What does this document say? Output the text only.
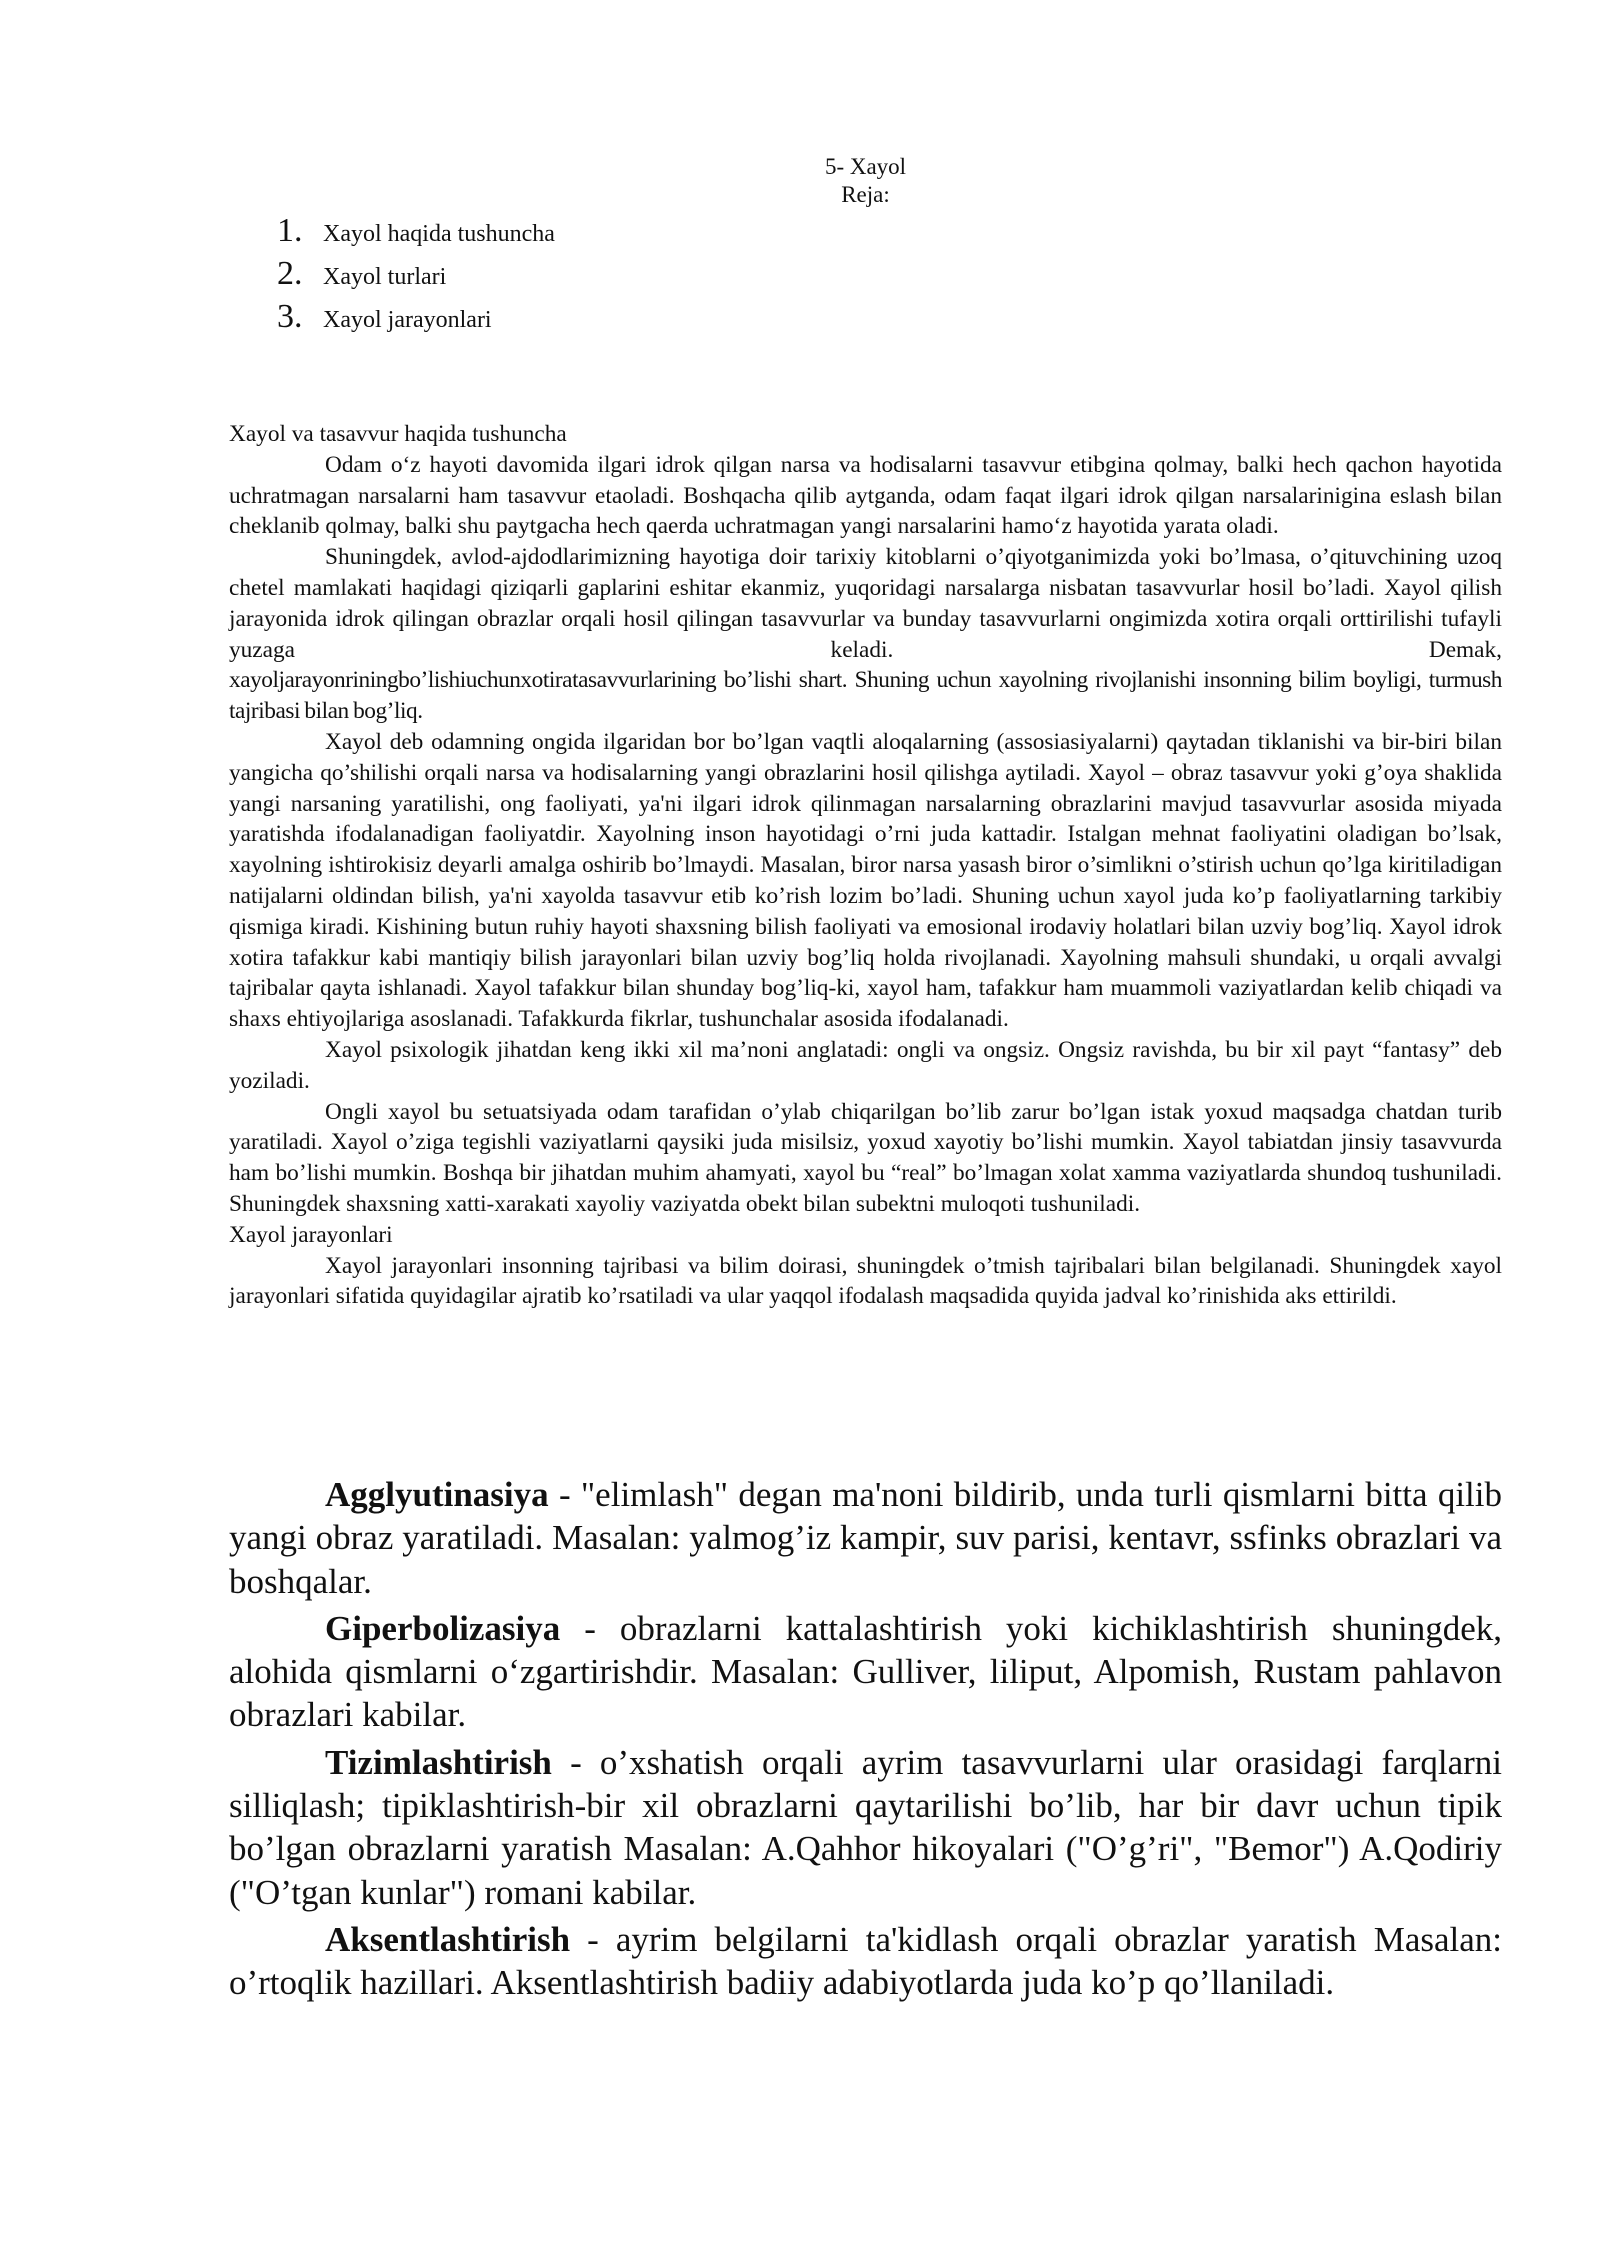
5- Xayol
Reja:
1. Xayol haqida tushuncha
2. Xayol turlari
3. Xayol jarayonlari

Xayol va tasavvur haqida tushuncha

Odam o‘z hayoti davomida ilgari idrok qilgan narsa va hodisalarni tasavvur etibgina qolmay, balki hech qachon hayotida uchratmagan narsalarni ham tasavvur etaoladi. Boshqacha qilib aytganda, odam faqat ilgari idrok qilgan narsalarinigina eslash bilan cheklanib qolmay, balki shu paytgacha hech qaerda uchratmagan yangi narsalarini hamo‘z hayotida yarata oladi.

Shuningdek, avlod-ajdodlarimizning hayotiga doir tarixiy kitoblarni o’qiyotganimizda yoki bo’lmasa, o’qituvchining uzoq chetel mamlakati haqidagi qiziqarli gaplarini eshitar ekanmiz, yuqoridagi narsalarga nisbatan tasavvurlar hosil bo’ladi. Xayol qilish jarayonida idrok qilingan obrazlar orqali hosil qilingan tasavvurlar va bunday tasavvurlarni ongimizda xotira orqali orttirilishi tufayli yuzaga keladi. Demak,

xayoljarayonriningbo’lishiuchunxotiratasavvurlarining bo’lishi shart. Shuning uchun xayolning rivojlanishi insonning bilim boyligi, turmush tajribasi bilan bog’liq.

Xayol deb odamning ongida ilgaridan bor bo’lgan vaqtli aloqalarning (assosiasiyalarni) qaytadan tiklanishi va bir-biri bilan yangicha qo’shilishi orqali narsa va hodisalarning yangi obrazlarini hosil qilishga aytiladi. Xayol – obraz tasavvur yoki g’oya shaklida yangi narsaning yaratilishi, ong faoliyati, ya'ni ilgari idrok qilinmagan narsalarning obrazlarini mavjud tasavvurlar asosida miyada yaratishda ifodalanadigan faoliyatdir. Xayolning inson hayotidagi o’rni juda kattadir. Istalgan mehnat faoliyatini oladigan bo’lsak, xayolning ishtirokisiz deyarli amalga oshirib bo’lmaydi. Masalan, biror narsa yasash biror o’simlikni o’stirish uchun qo’lga kiritiladigan natijalarni oldindan bilish, ya'ni xayolda tasavvur etib ko’rish lozim bo’ladi. Shuning uchun xayol juda ko’p faoliyatlarning tarkibiy qismiga kiradi. Kishining butun ruhiy hayoti shaxsning bilish faoliyati va emosional irodaviy holatlari bilan uzviy bog’liq. Xayol idrok xotira tafakkur kabi mantiqiy bilish jarayonlari bilan uzviy bog’liq holda rivojlanadi. Xayolning mahsuli shundaki, u orqali avvalgi tajribalar qayta ishlanadi. Xayol tafakkur bilan shunday bog’liq-ki, xayol ham, tafakkur ham muammoli vaziyatlardan kelib chiqadi va shaxs ehtiyojlariga asoslanadi. Tafakkurda fikrlar, tushunchalar asosida ifodalanadi.

Xayol psixologik jihatdan keng ikki xil ma’noni anglatadi: ongli va ongsiz. Ongsiz ravishda, bu bir xil payt “fantasy” deb yoziladi.

Ongli xayol bu setuatsiyada odam tarafidan o’ylab chiqarilgan bo’lib zarur bo’lgan istak yoxud maqsadga chatdan turib yaratiladi. Xayol o’ziga tegishli vaziyatlarni qaysiki juda misilsiz, yoxud xayotiy bo’lishi mumkin. Xayol tabiatdan jinsiy tasavvurda ham bo’lishi mumkin. Boshqa bir jihatdan muhim ahamyati, xayol bu “real” bo’lmagan xolat xamma vaziyatlarda shundoq tushuniladi. Shuningdek shaxsning xatti-xarakati xayoliy vaziyatda obekt bilan subektni muloqoti tushuniladi.

Xayol jarayonlari

Xayol jarayonlari insonning tajribasi va bilim doirasi, shuningdek o’tmish tajribalari bilan belgilanadi. Shuningdek xayol jarayonlari sifatida quyidagilar ajratib ko’rsatiladi va ular yaqqol ifodalash maqsadida quyida jadval ko’rinishida aks ettirildi.

Agglyutinasiya - "elimlash" degan ma'noni bildirib, unda turli qismlarni bitta qilib yangi obraz yaratiladi. Masalan: yalmog’iz kampir, suv parisi, kentavr, ssfinks obrazlari va boshqalar.

Giperbolizasiya - obrazlarni kattalashtirish yoki kichiklashtirish shuningdek, alohida qismlarni o‘zgartirishdir. Masalan: Gulliver, liliput, Alpomish, Rustam pahlavon obrazlari kabilar.

Tizimlashtirish - o’xshatish orqali ayrim tasavvurlarni ular orasidagi farqlarni silliqlash; tipiklashtirish-bir xil obrazlarni qaytarilishi bo’lib, har bir davr uchun tipik bo’lgan obrazlarni yaratish Masalan: A.Qahhor hikoyalari ("O’g’ri", "Bemor") A.Qodiriy ("O’tgan kunlar") romani kabilar.

Aksentlashtirish - ayrim belgilarni ta'kidlash orqali obrazlar yaratish Masalan: o’rtoqlik hazillari. Aksentlashtirish badiiy adabiyotlarda juda ko’p qo’llaniladi.
